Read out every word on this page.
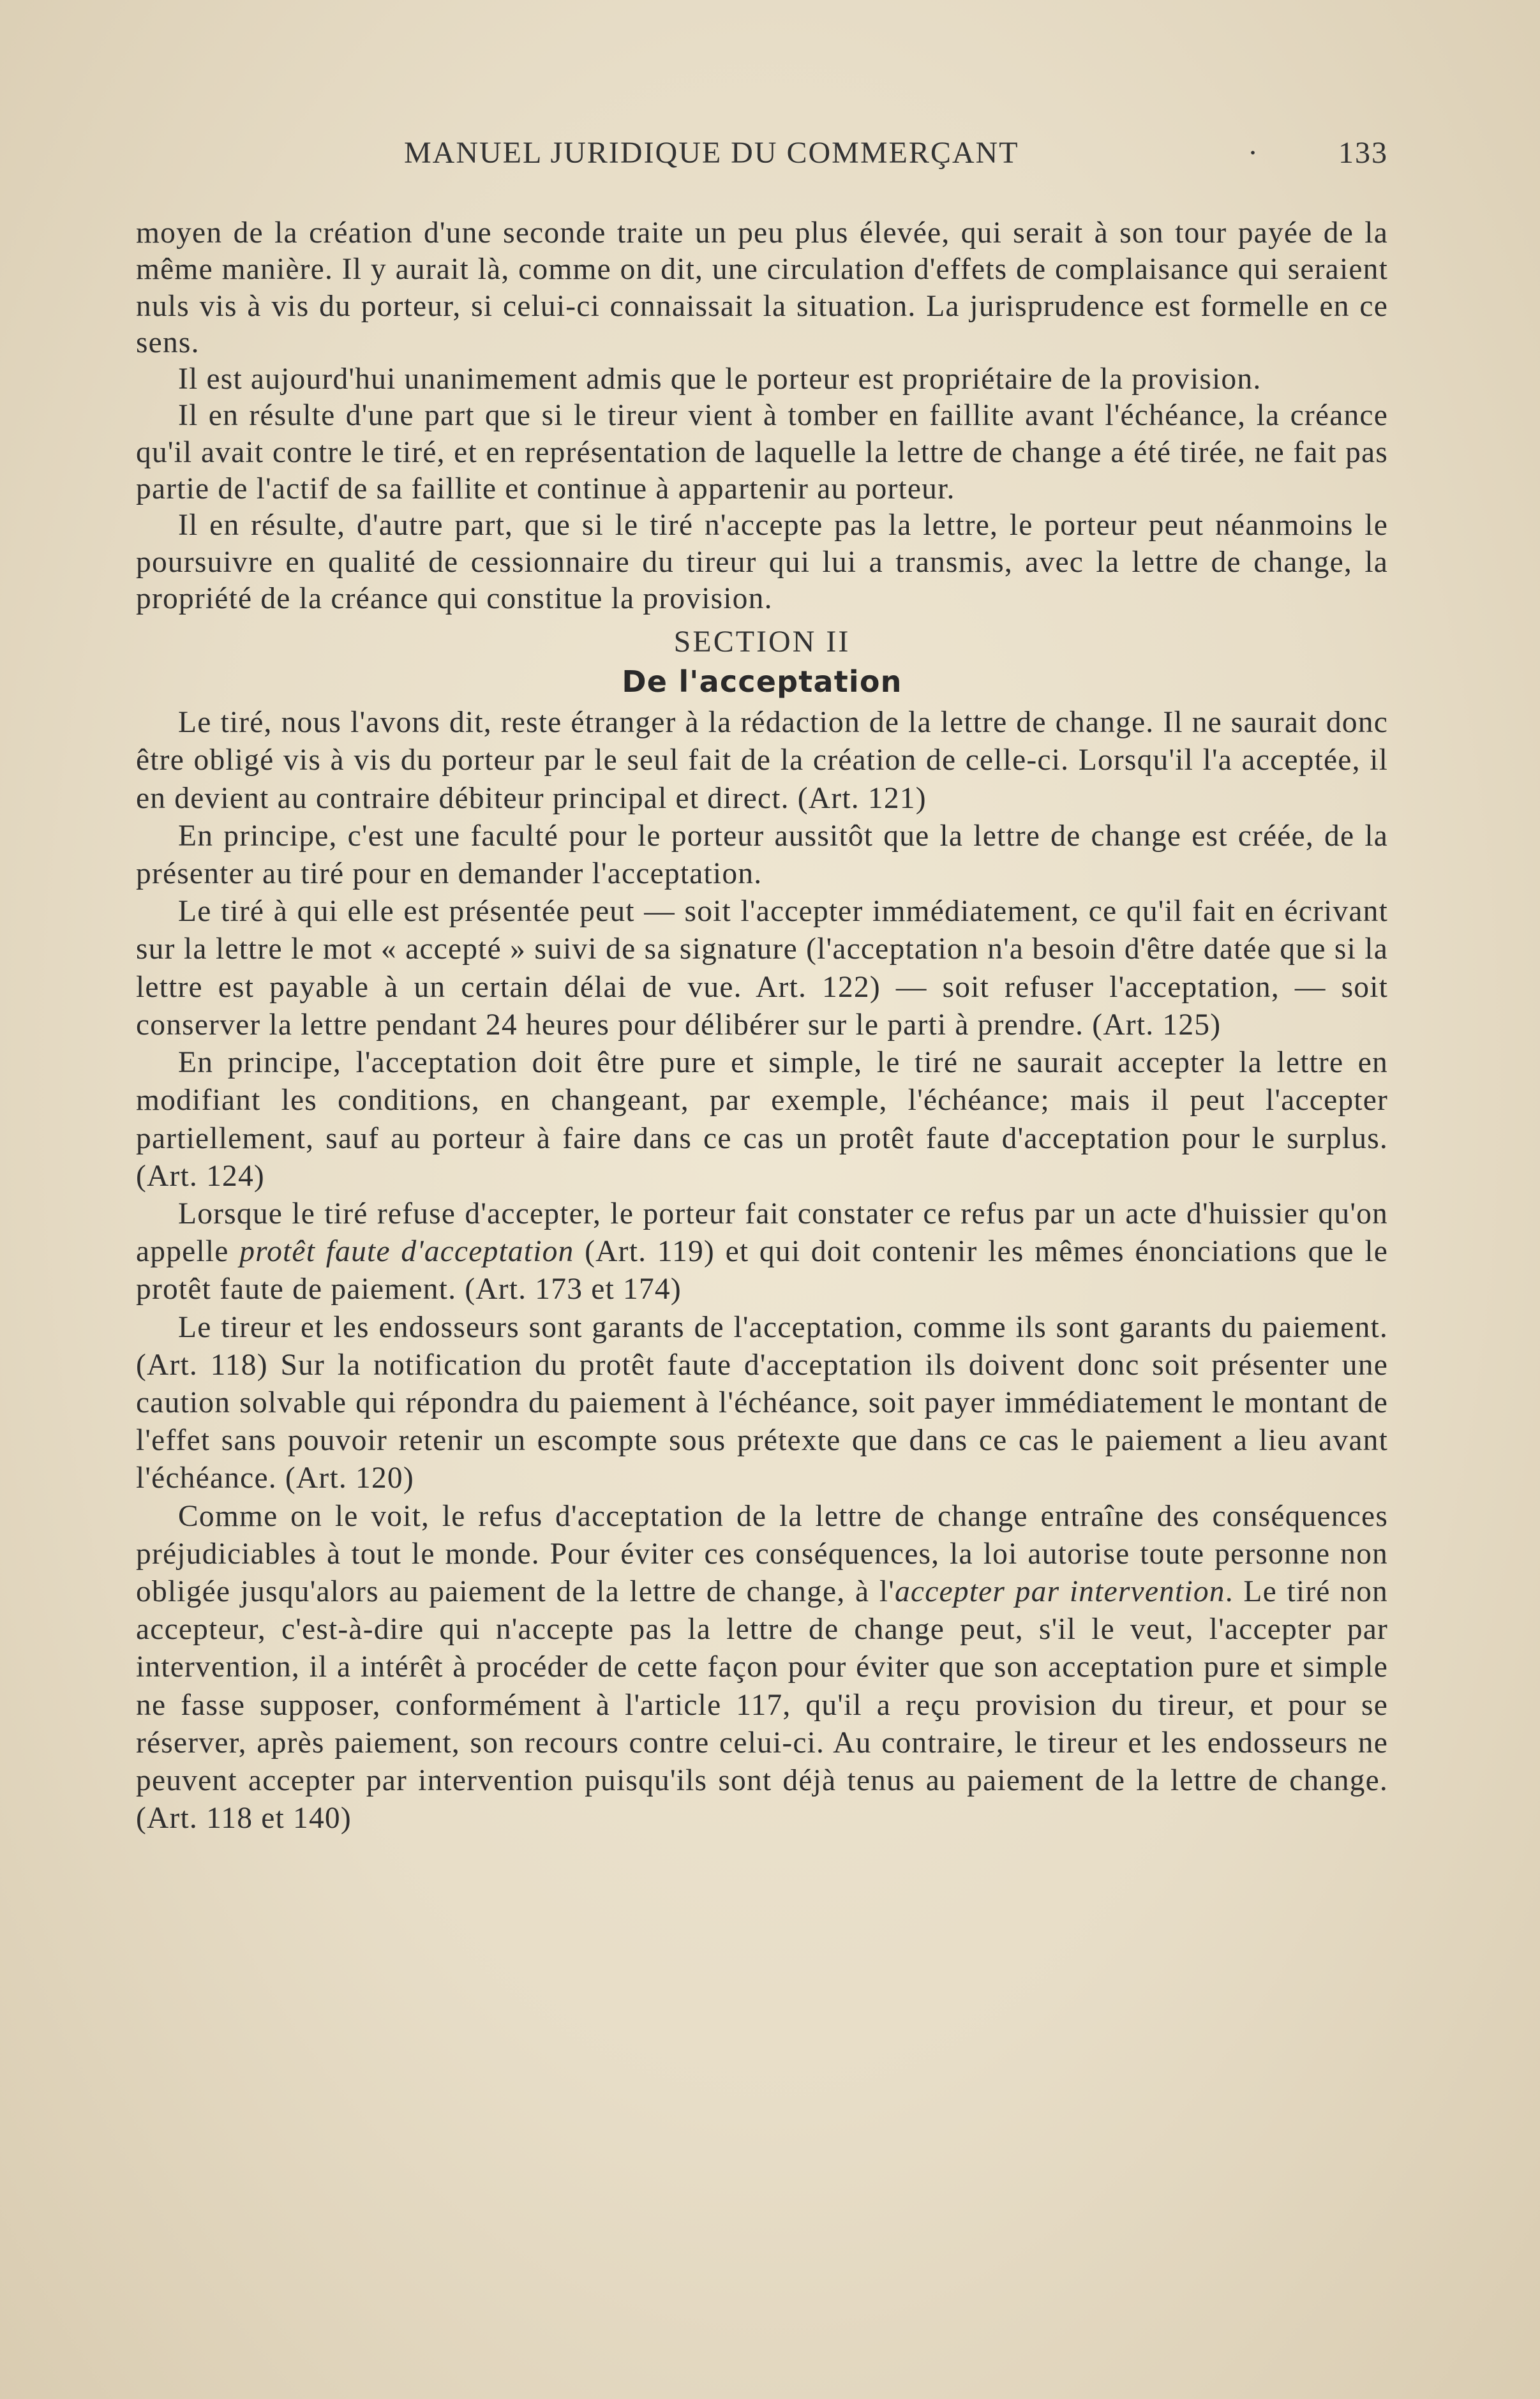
MANUEL JURIDIQUE DU COMMERÇANT	·	133

moyen de la création d'une seconde traite un peu plus élevée, qui serait à son tour payée de la même manière. Il y aurait là, comme on dit, une circulation d'effets de complaisance qui seraient nuls vis à vis du porteur, si celui-ci connaissait la situation. La jurisprudence est formelle en ce sens.

Il est aujourd'hui unanimement admis que le porteur est propriétaire de la provision.

Il en résulte d'une part que si le tireur vient à tomber en faillite avant l'échéance, la créance qu'il avait contre le tiré, et en représentation de laquelle la lettre de change a été tirée, ne fait pas partie de l'actif de sa faillite et continue à appartenir au porteur.

Il en résulte, d'autre part, que si le tiré n'accepte pas la lettre, le porteur peut néanmoins le poursuivre en qualité de cessionnaire du tireur qui lui a transmis, avec la lettre de change, la propriété de la créance qui constitue la provision.

SECTION II
De l'acceptation

Le tiré, nous l'avons dit, reste étranger à la rédaction de la lettre de change. Il ne saurait donc être obligé vis à vis du porteur par le seul fait de la création de celle-ci. Lorsqu'il l'a acceptée, il en devient au contraire débiteur principal et direct. (Art. 121)

En principe, c'est une faculté pour le porteur aussitôt que la lettre de change est créée, de la présenter au tiré pour en demander l'acceptation.

Le tiré à qui elle est présentée peut — soit l'accepter immédiatement, ce qu'il fait en écrivant sur la lettre le mot « accepté » suivi de sa signature (l'acceptation n'a besoin d'être datée que si la lettre est payable à un certain délai de vue. Art. 122) — soit refuser l'acceptation, — soit conserver la lettre pendant 24 heures pour délibérer sur le parti à prendre. (Art. 125)

En principe, l'acceptation doit être pure et simple, le tiré ne saurait accepter la lettre en modifiant les conditions, en changeant, par exemple, l'échéance; mais il peut l'accepter partiellement, sauf au porteur à faire dans ce cas un protêt faute d'acceptation pour le surplus. (Art. 124)

Lorsque le tiré refuse d'accepter, le porteur fait constater ce refus par un acte d'huissier qu'on appelle protêt faute d'acceptation (Art. 119) et qui doit contenir les mêmes énonciations que le protêt faute de paiement. (Art. 173 et 174)

Le tireur et les endosseurs sont garants de l'acceptation, comme ils sont garants du paiement. (Art. 118) Sur la notification du protêt faute d'acceptation ils doivent donc soit présenter une caution solvable qui répondra du paiement à l'échéance, soit payer immédiatement le montant de l'effet sans pouvoir retenir un escompte sous prétexte que dans ce cas le paiement a lieu avant l'échéance. (Art. 120)

Comme on le voit, le refus d'acceptation de la lettre de change entraîne des conséquences préjudiciables à tout le monde. Pour éviter ces conséquences, la loi autorise toute personne non obligée jusqu'alors au paiement de la lettre de change, à l'accepter par intervention. Le tiré non accepteur, c'est-à-dire qui n'accepte pas la lettre de change peut, s'il le veut, l'accepter par intervention, il a intérêt à procéder de cette façon pour éviter que son acceptation pure et simple ne fasse supposer, conformément à l'article 117, qu'il a reçu provision du tireur, et pour se réserver, après paiement, son recours contre celui-ci. Au contraire, le tireur et les endosseurs ne peuvent accepter par intervention puisqu'ils sont déjà tenus au paiement de la lettre de change. (Art. 118 et 140)
